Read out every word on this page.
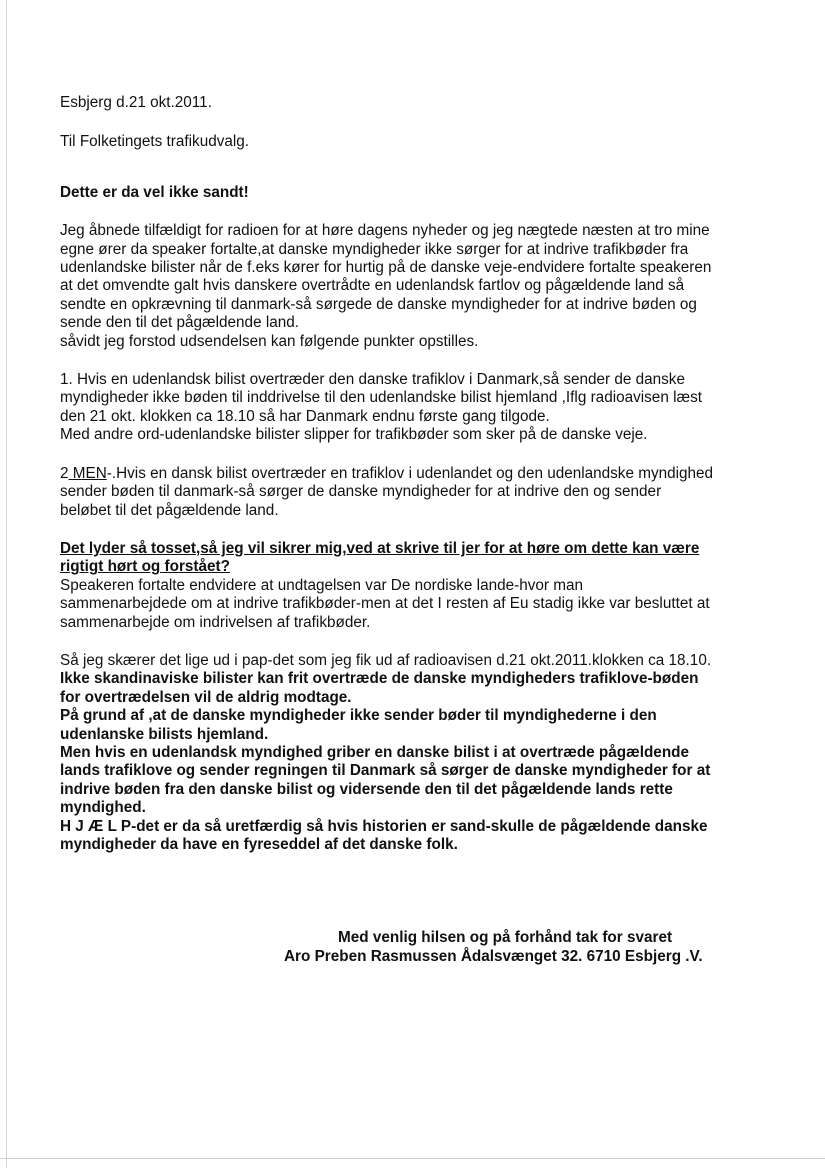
Esbjerg d.21 okt.2011.

Til Folketingets trafikudvalg.

Dette er da vel ikke sandt!

Jeg åbnede tilfældigt for radioen for at høre dagens nyheder og jeg nægtede næsten at tro mine

egne ører da speaker fortalte,at danske myndigheder ikke sørger for at indrive trafikbøder fra

udenlandske bilister når de f.eks kører for hurtig på de danske veje-endvidere fortalte speakeren

at det omvendte galt hvis danskere overtrådte en udenlandsk fartlov og pågældende land så

sendte en opkrævning til danmark-så sørgede de danske myndigheder for at indrive bøden og

sende den til det pågældende land.

såvidt jeg forstod udsendelsen kan følgende punkter opstilles.

1. Hvis en udenlandsk bilist overtræder den danske trafiklov i Danmark,så sender de danske

myndigheder ikke bøden til inddrivelse til den udenlandske bilist hjemland ,Iflg radioavisen læst

den 21 okt. klokken ca 18.10 så har Danmark endnu første gang tilgode.

Med andre ord-udenlandske bilister slipper for trafikbøder som sker på de danske veje.

2 MEN-.Hvis en dansk bilist overtræder en trafiklov i udenlandet og den udenlandske myndighed

sender bøden til danmark-så sørger de danske myndigheder for at indrive den og sender

beløbet til det pågældende land.

Det lyder så tosset,så jeg vil sikrer mig,ved at skrive til jer for at høre om dette kan være

rigtigt hørt og forstået?

Speakeren fortalte endvidere at undtagelsen var De nordiske lande-hvor man

sammenarbejdede om at indrive trafikbøder-men at det I resten af Eu stadig ikke var besluttet at

sammenarbejde om indrivelsen af trafikbøder.

Så jeg skærer det lige ud i pap-det som jeg fik ud af radioavisen d.21 okt.2011.klokken ca 18.10.

Ikke skandinaviske bilister kan frit overtræde de danske myndigheders trafiklove-bøden

for overtrædelsen vil de aldrig modtage.

På grund af ,at de danske myndigheder ikke sender bøder til myndighederne i den

udenlanske bilists hjemland.

Men hvis en udenlandsk myndighed griber en danske bilist i at overtræde pågældende

lands trafiklove og sender regningen til Danmark så sørger de danske myndigheder for at

indrive bøden fra den danske bilist og vidersende den til det pågældende lands rette

myndighed.

H J Æ L P-det er da så uretfærdig så hvis historien er sand-skulle de pågældende danske

myndigheder da have en fyreseddel af det danske folk.

Med venlig hilsen og på forhånd tak for svaret

Aro Preben Rasmussen Ådalsvænget 32. 6710 Esbjerg .V.
